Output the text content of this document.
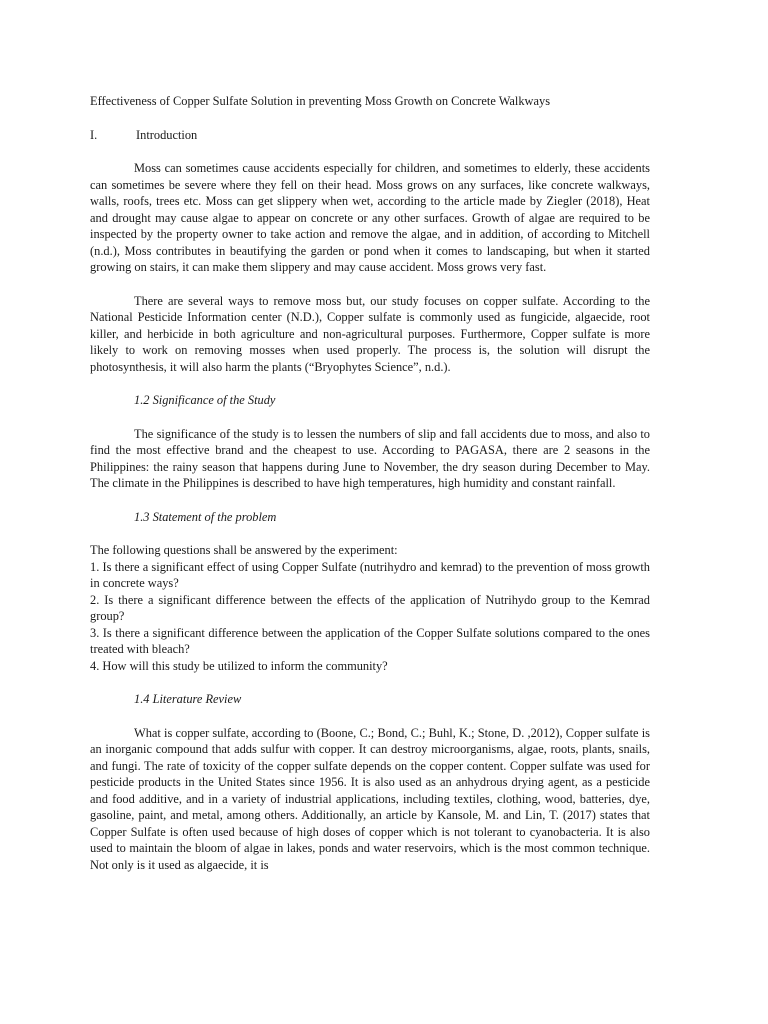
Effectiveness of Copper Sulfate Solution in preventing Moss Growth on Concrete Walkways
I.	Introduction

Moss can sometimes cause accidents especially for children, and sometimes to elderly, these accidents can sometimes be severe where they fell on their head. Moss grows on any surfaces, like concrete walkways, walls, roofs, trees etc. Moss can get slippery when wet, according to the article made by Ziegler (2018), Heat and drought may cause algae to appear on concrete or any other surfaces. Growth of algae are required to be inspected by the property owner to take action and remove the algae, and in addition, of according to Mitchell (n.d.), Moss contributes in beautifying the garden or pond when it comes to landscaping, but when it started growing on stairs, it can make them slippery and may cause accident. Moss grows very fast.

There are several ways to remove moss but, our study focuses on copper sulfate. According to the National Pesticide Information center (N.D.), Copper sulfate is commonly used as fungicide, algaecide, root killer, and herbicide in both agriculture and non-agricultural purposes. Furthermore, Copper sulfate is more likely to work on removing mosses when used properly. The process is, the solution will disrupt the photosynthesis, it will also harm the plants (“Bryophytes Science”, n.d.).

1.2 Significance of the Study

The significance of the study is to lessen the numbers of slip and fall accidents due to moss, and also to find the most effective brand and the cheapest to use. According to PAGASA, there are 2 seasons in the Philippines: the rainy season that happens during June to November, the dry season during December to May. The climate in the Philippines is described to have high temperatures, high humidity and constant rainfall.

1.3 Statement of the problem

The following questions shall be answered by the experiment:

1. Is there a significant effect of using Copper Sulfate (nutrihydro and kemrad) to the prevention of moss growth in concrete ways?
2. Is there a significant difference between the effects of the application of Nutrihydo group to the Kemrad group?
3. Is there a significant difference between the application of the Copper Sulfate solutions compared to the ones treated with bleach?
4. How will this study be utilized to inform the community?
1.4 Literature Review

What is copper sulfate, according to (Boone, C.; Bond, C.; Buhl, K.; Stone, D. ,2012), Copper sulfate is an inorganic compound that adds sulfur with copper. It can destroy microorganisms, algae, roots, plants, snails, and fungi. The rate of toxicity of the copper sulfate depends on the copper content. Copper sulfate was used for pesticide products in the United States since 1956. It is also used as an anhydrous drying agent, as a pesticide and food additive, and in a variety of industrial applications, including textiles, clothing, wood, batteries, dye, gasoline, paint, and metal, among others. Additionally, an article by Kansole, M. and Lin, T. (2017) states that Copper Sulfate is often used because of high doses of copper which is not tolerant to cyanobacteria. It is also used to maintain the bloom of algae in lakes, ponds and water reservoirs, which is the most common technique. Not only is it used as algaecide, it is
